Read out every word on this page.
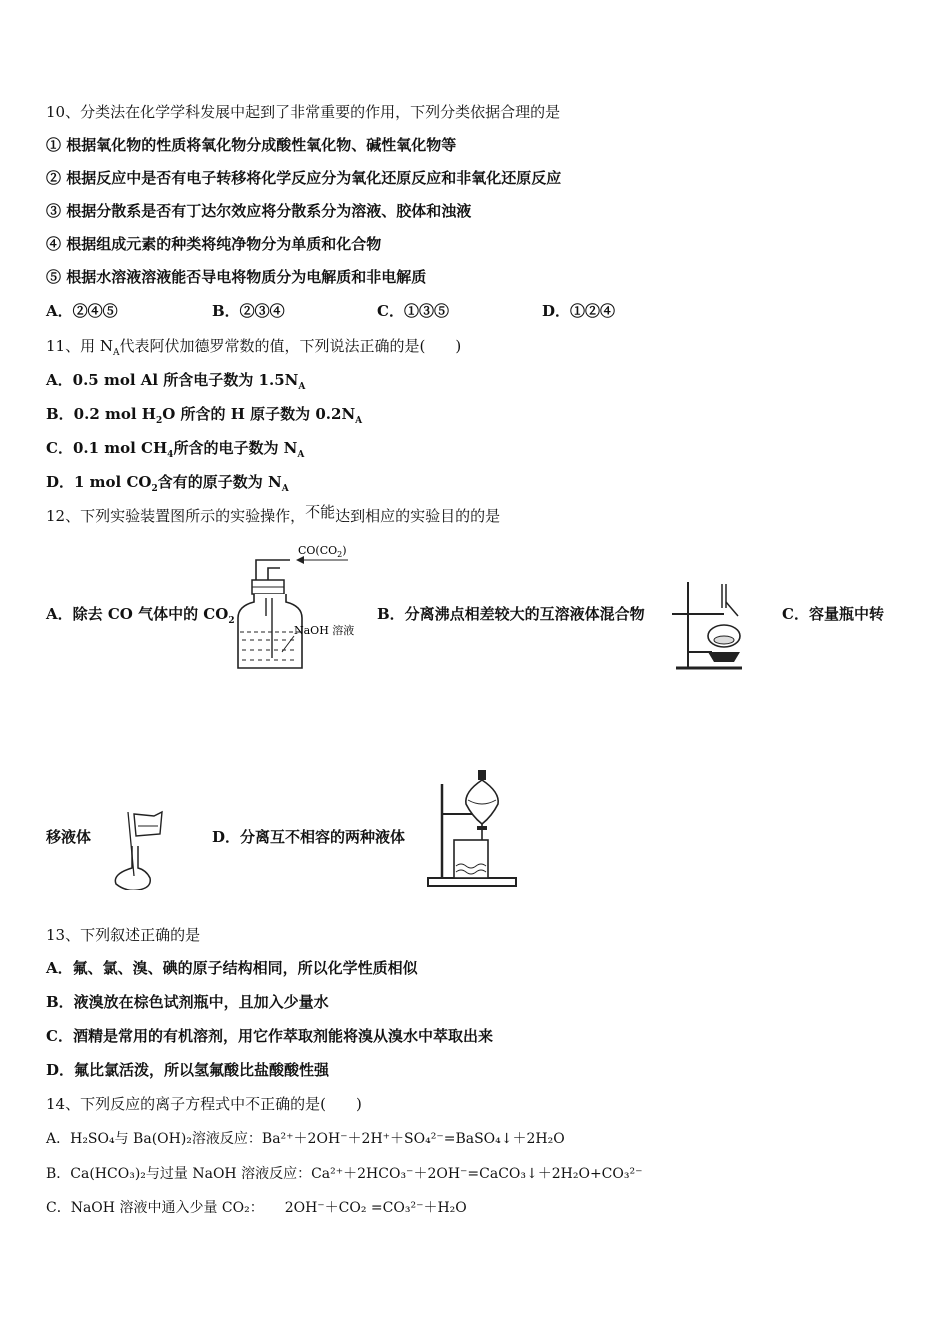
10、分类法在化学学科发展中起到了非常重要的作用，下列分类依据合理的是
① 根据氧化物的性质将氧化物分成酸性氧化物、碱性氧化物等
② 根据反应中是否有电子转移将化学反应分为氧化还原反应和非氧化还原反应
③ 根据分散系是否有丁达尔效应将分散系分为溶液、胶体和浊液
④ 根据组成元素的种类将纯净物分为单质和化合物
⑤ 根据水溶液溶液能否导电将物质分为电解质和非电解质
A．②④⑤	B．②③④	C．①③⑤	D．①②④
11、用 $N_A$代表阿伏加德罗常数的值，下列说法正确的是(　　)
A．0.5 mol Al 所含电子数为 $1.5N_A$
B．0.2 mol $H_2O$ 所含的 H 原子数为 $0.2N_A$
C．0.1 mol $CH_4$所含的电子数为 $N_A$
D．1 mol $CO_2$含有的原子数为 $N_A$
12、下列实验装置图所示的实验操作，不能达到相应的实验目的的是
A．除去 CO 气体中的 $CO_2$
$CO(CO_2)$
NaOH 溶液
B．分离沸点相差较大的互溶液体混合物	C．容量瓶中转
移液体	D．分离互不相容的两种液体
13、下列叙述正确的是
A．氟、氯、溴、碘的原子结构相同，所以化学性质相似
B．液溴放在棕色试剂瓶中，且加入少量水
C．酒精是常用的有机溶剂，用它作萃取剂能将溴从溴水中萃取出来
D．氟比氯活泼，所以氢氟酸比盐酸酸性强
14、下列反应的离子方程式中不正确的是(　　)
A．H₂SO₄与 Ba(OH)₂溶液反应：Ba²⁺＋2OH⁻＋2H⁺＋SO₄²⁻=BaSO₄↓＋2H₂O
B．Ca(HCO₃)₂与过量 NaOH 溶液反应：Ca²⁺＋2HCO₃⁻＋2OH⁻=CaCO₃↓＋2H₂O+CO₃²⁻
C．NaOH 溶液中通入少量 CO₂：　　2OH⁻＋CO₂ =CO₃²⁻＋H₂O
